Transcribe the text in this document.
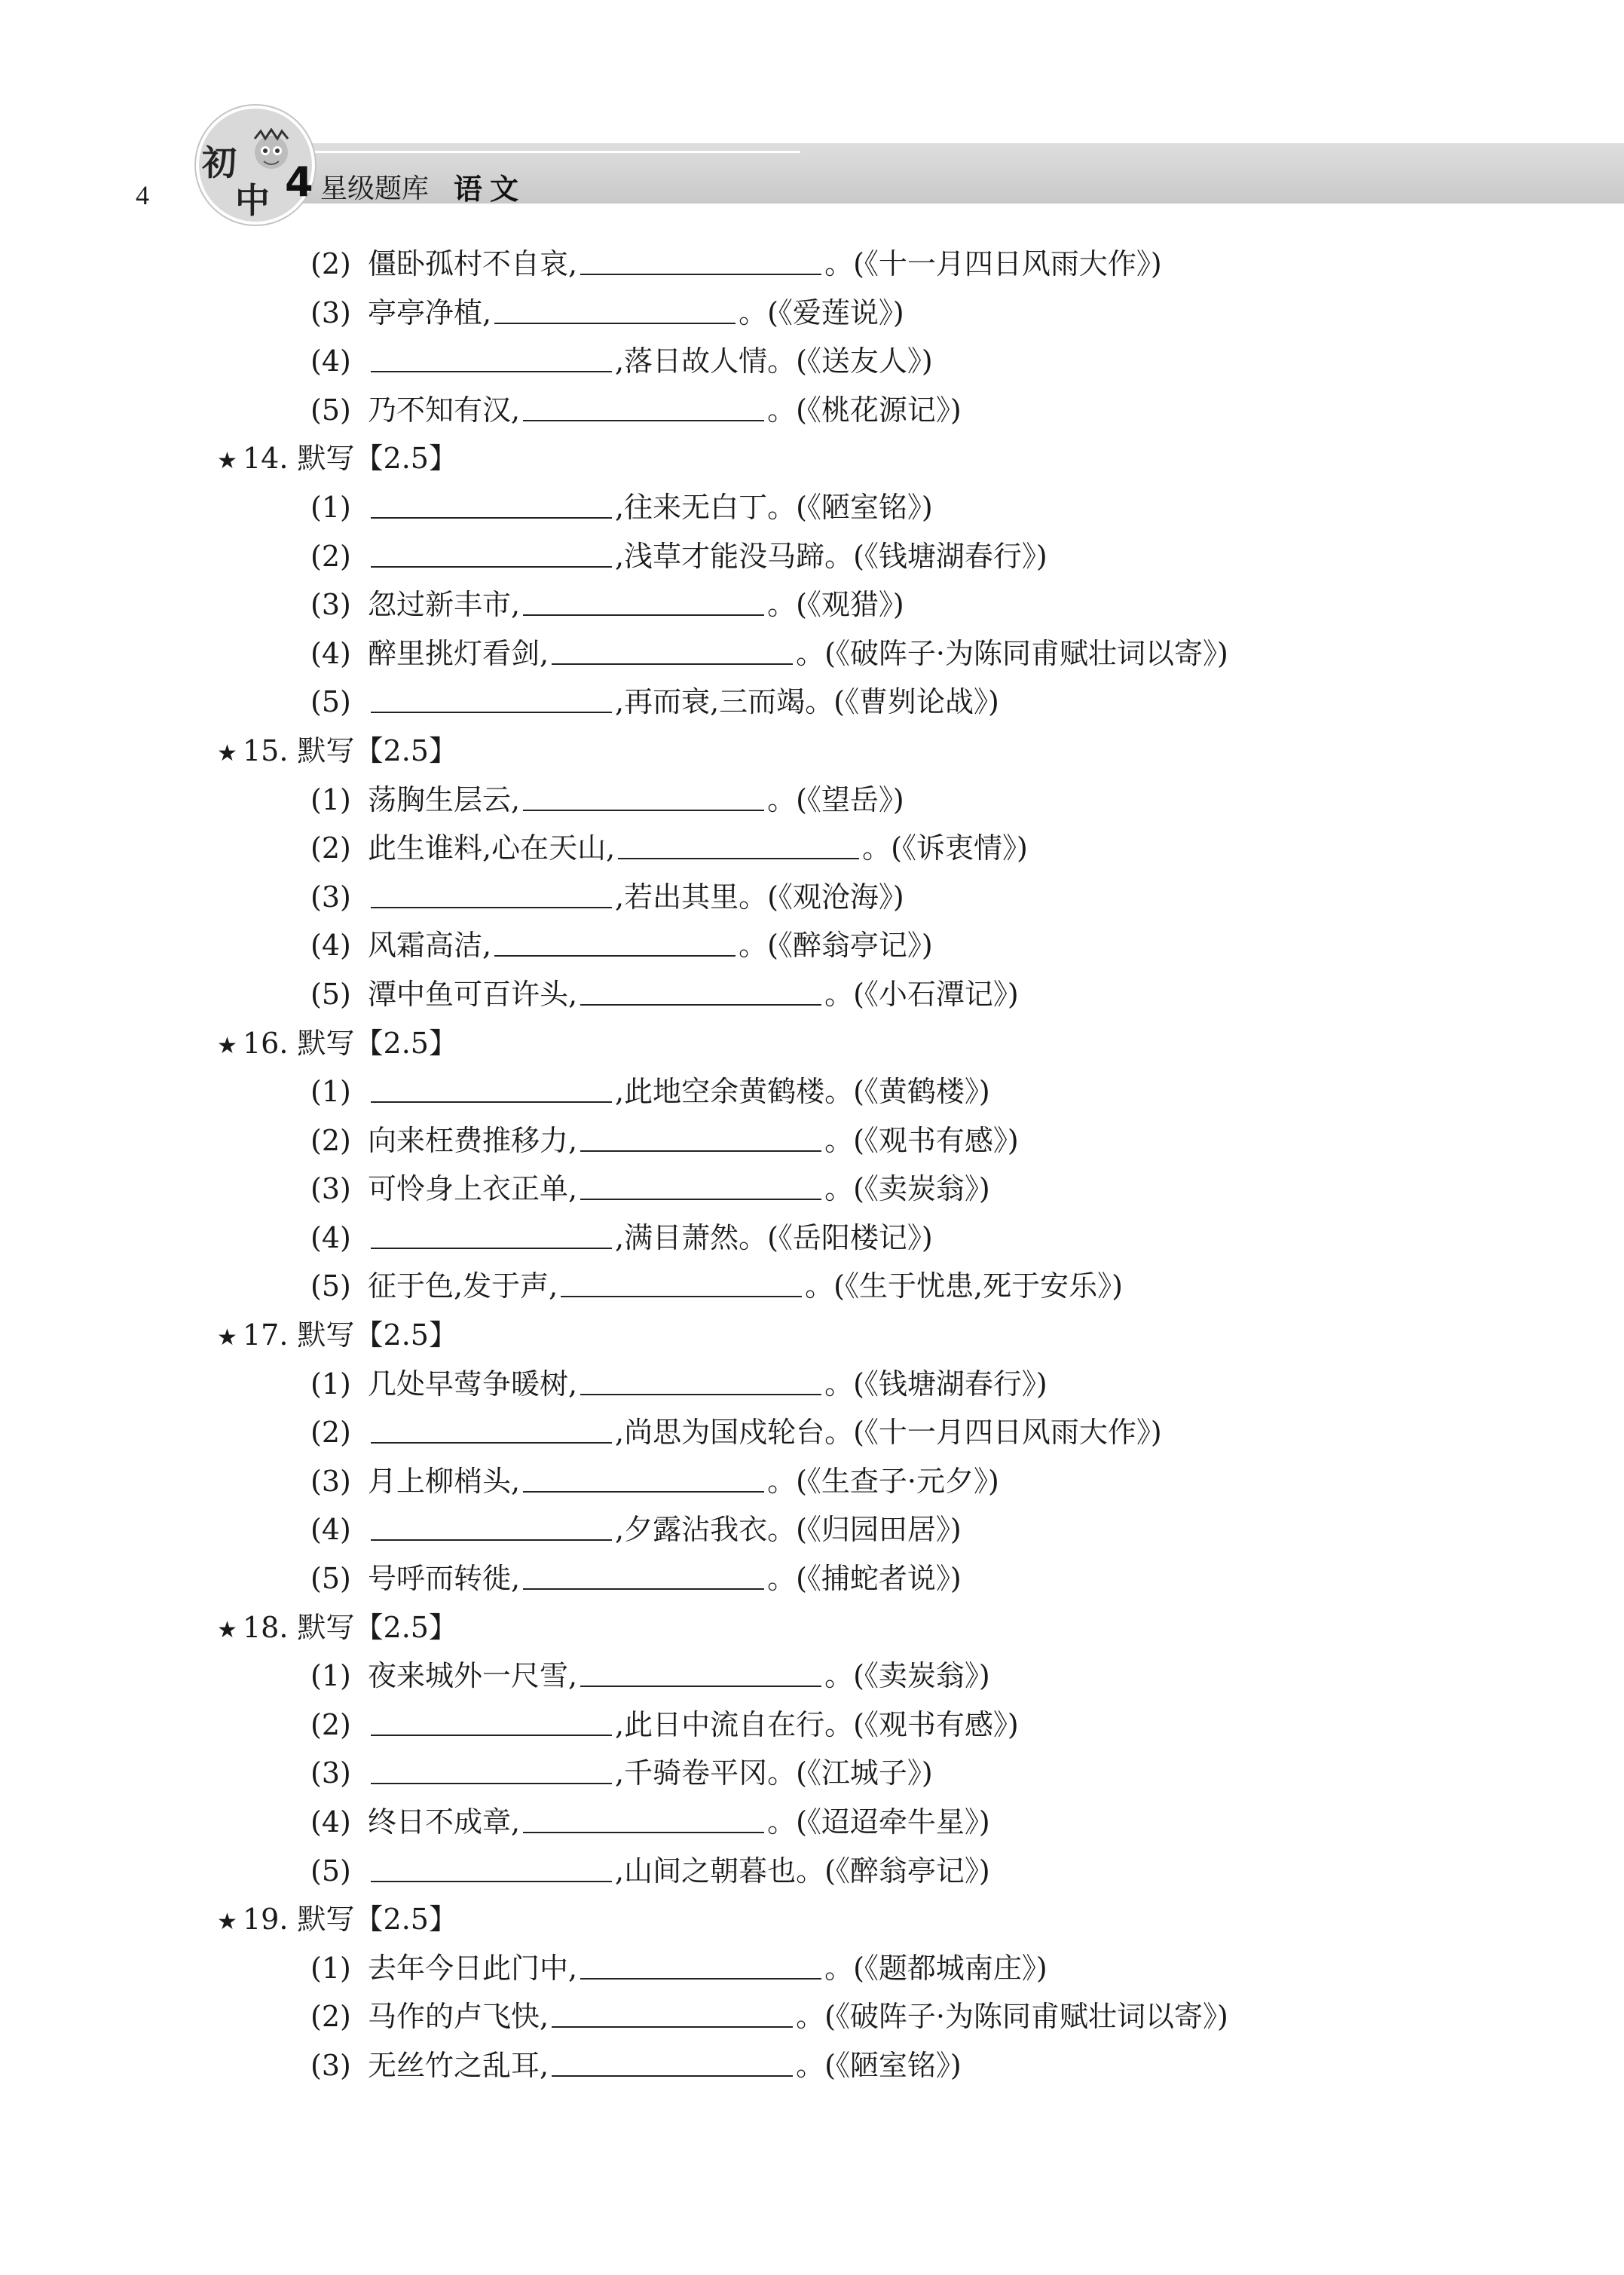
4
初
中 4 星级题库 语文
(2) 僵卧孤村不自哀,	。(《十一月四日风雨大作》)
(3) 亭亭净植,	。(《爱莲说》)
(4)	,落日故人情。(《送友人》)
(5) 乃不知有汉,	。(《桃花源记》)
★ 14. 默写【2.5】
(1)	,往来无白丁。(《陋室铭》)
(2)	,浅草才能没马蹄。(《钱塘湖春行》)
(3) 忽过新丰市,	。(《观猎》)
(4) 醉里挑灯看剑,	。(《破阵子·为陈同甫赋壮词以寄》)
(5)	,再而衰,三而竭。(《曹刿论战》)
★ 15. 默写【2.5】
(1) 荡胸生层云,	。(《望岳》)
(2) 此生谁料,心在天山,	。(《诉衷情》)
(3)	,若出其里。(《观沧海》)
(4) 风霜高洁,	。(《醉翁亭记》)
(5) 潭中鱼可百许头,	。(《小石潭记》)
★ 16. 默写【2.5】
(1)	,此地空余黄鹤楼。(《黄鹤楼》)
(2) 向来枉费推移力,	。(《观书有感》)
(3) 可怜身上衣正单,	。(《卖炭翁》)
(4)	,满目萧然。(《岳阳楼记》)
(5) 征于色,发于声,	。(《生于忧患,死于安乐》)
★ 17. 默写【2.5】
(1) 几处早莺争暖树,	。(《钱塘湖春行》)
(2)	,尚思为国戍轮台。(《十一月四日风雨大作》)
(3) 月上柳梢头,	。(《生查子·元夕》)
(4)	,夕露沾我衣。(《归园田居》)
(5) 号呼而转徙,	。(《捕蛇者说》)
★ 18. 默写【2.5】
(1) 夜来城外一尺雪,	。(《卖炭翁》)
(2)	,此日中流自在行。(《观书有感》)
(3)	,千骑卷平冈。(《江城子》)
(4) 终日不成章,	。(《迢迢牵牛星》)
(5)	,山间之朝暮也。(《醉翁亭记》)
★ 19. 默写【2.5】
(1) 去年今日此门中,	。(《题都城南庄》)
(2) 马作的卢飞快,	。(《破阵子·为陈同甫赋壮词以寄》)
(3) 无丝竹之乱耳,	。(《陋室铭》)
